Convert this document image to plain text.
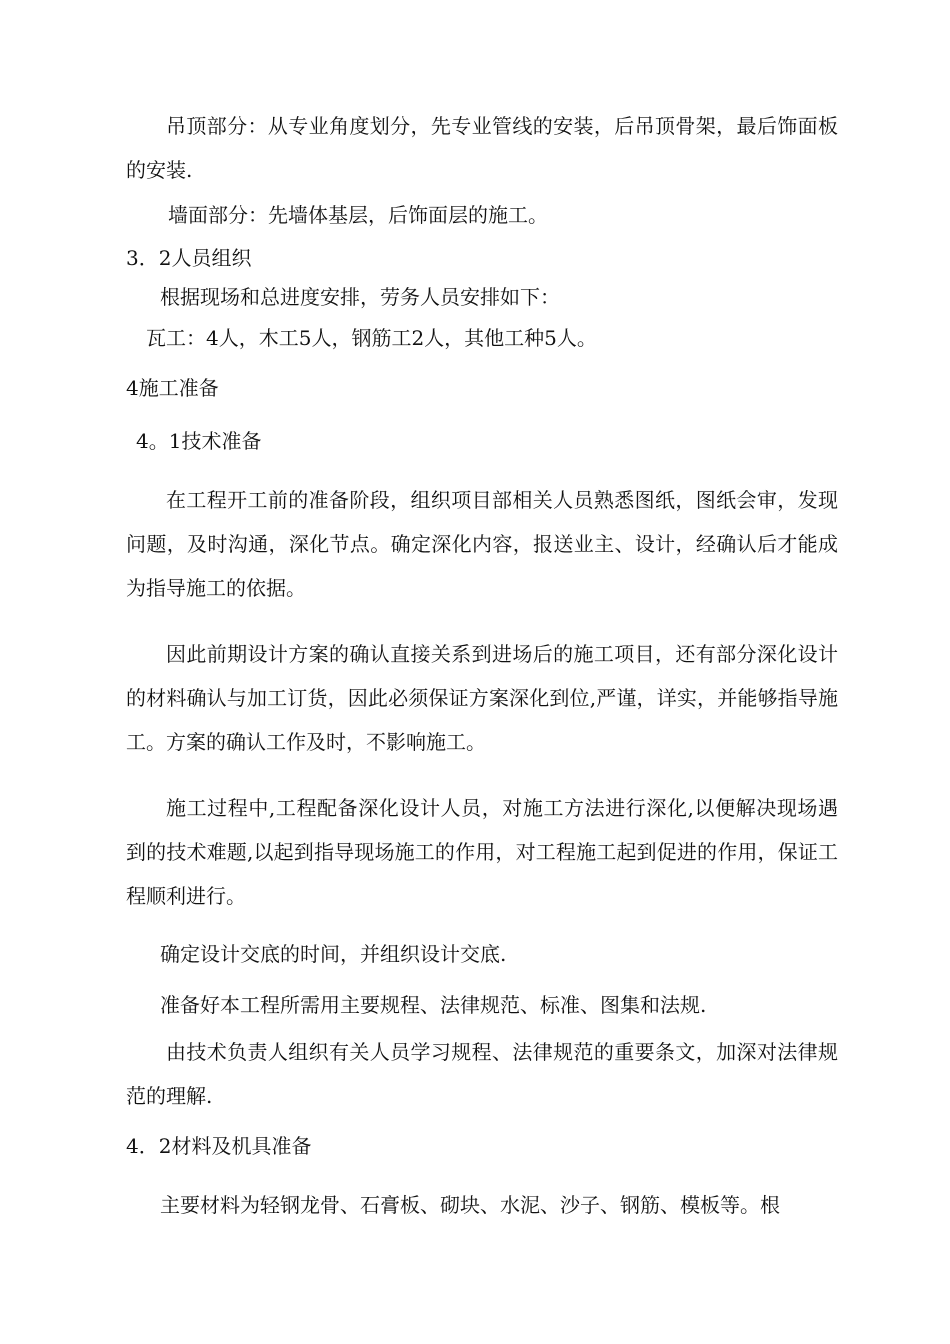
吊顶部分：从专业角度划分，先专业管线的安装，后吊顶骨架，最后饰面板的安装.

墙面部分：先墙体基层，后饰面层的施工。

3．2人员组织

根据现场和总进度安排，劳务人员安排如下：

瓦工：4人，木工5人，钢筋工2人，其他工种5人。

4施工准备

4。1技术准备

在工程开工前的准备阶段，组织项目部相关人员熟悉图纸，图纸会审，发现问题，及时沟通，深化节点。确定深化内容，报送业主、设计，经确认后才能成为指导施工的依据。

因此前期设计方案的确认直接关系到进场后的施工项目，还有部分深化设计的材料确认与加工订货，因此必须保证方案深化到位,严谨，详实，并能够指导施工。方案的确认工作及时，不影响施工。

施工过程中,工程配备深化设计人员，对施工方法进行深化,以便解决现场遇到的技术难题,以起到指导现场施工的作用，对工程施工起到促进的作用，保证工程顺利进行。

确定设计交底的时间，并组织设计交底.

准备好本工程所需用主要规程、法律规范、标准、图集和法规.

由技术负责人组织有关人员学习规程、法律规范的重要条文，加深对法律规范的理解.

4．2材料及机具准备

主要材料为轻钢龙骨、石膏板、砌块、水泥、沙子、钢筋、模板等。根
